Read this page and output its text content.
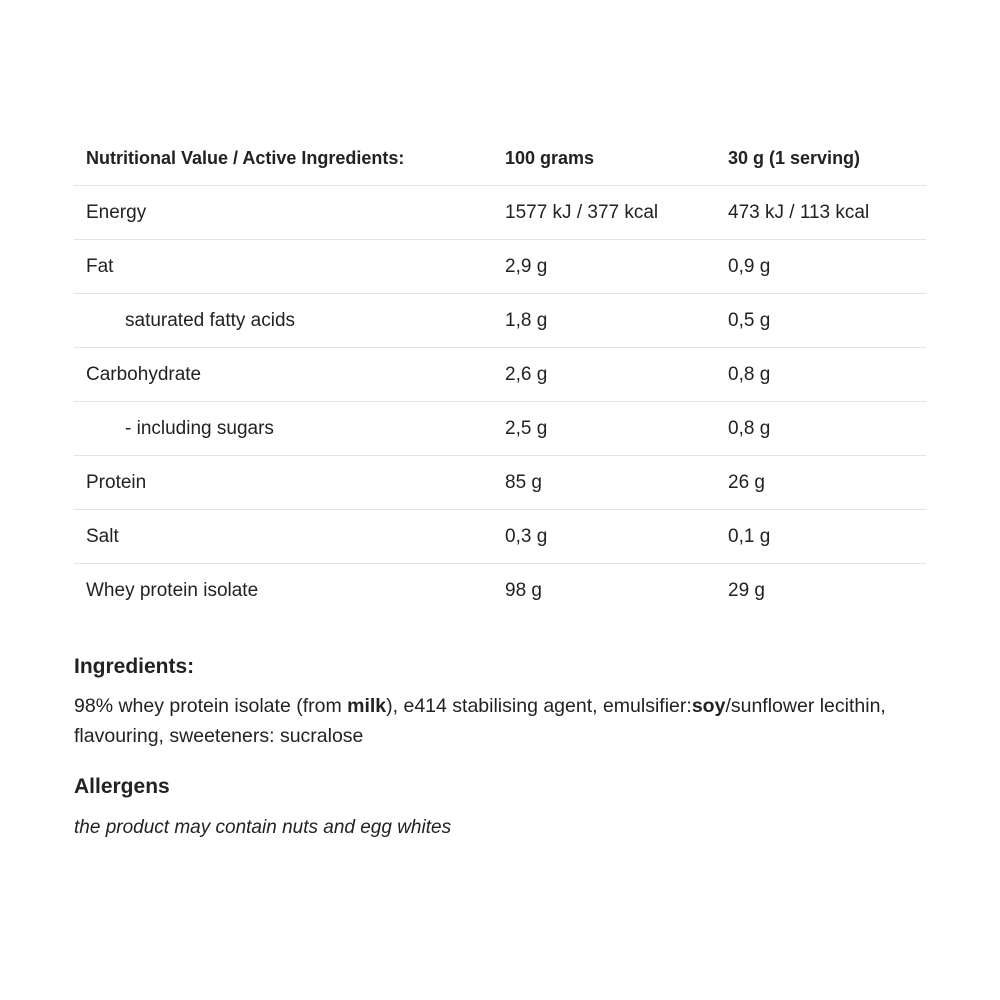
Nutritional Value / Active Ingredients:	100 grams	30 g (1 serving)
Energy	1577 kJ / 377 kcal	473 kJ / 113 kcal
Fat	2,9 g	0,9 g
saturated fatty acids	1,8 g	0,5 g
Carbohydrate	2,6 g	0,8 g
- including sugars	2,5 g	0,8 g
Protein	85 g	26 g
Salt	0,3 g	0,1 g
Whey protein isolate	98 g	29 g
Ingredients:

98% whey protein isolate (from milk), e414 stabilising agent, emulsifier:soy/sunflower lecithin, flavouring, sweeteners: sucralose

Allergens

the product may contain nuts and egg whites
